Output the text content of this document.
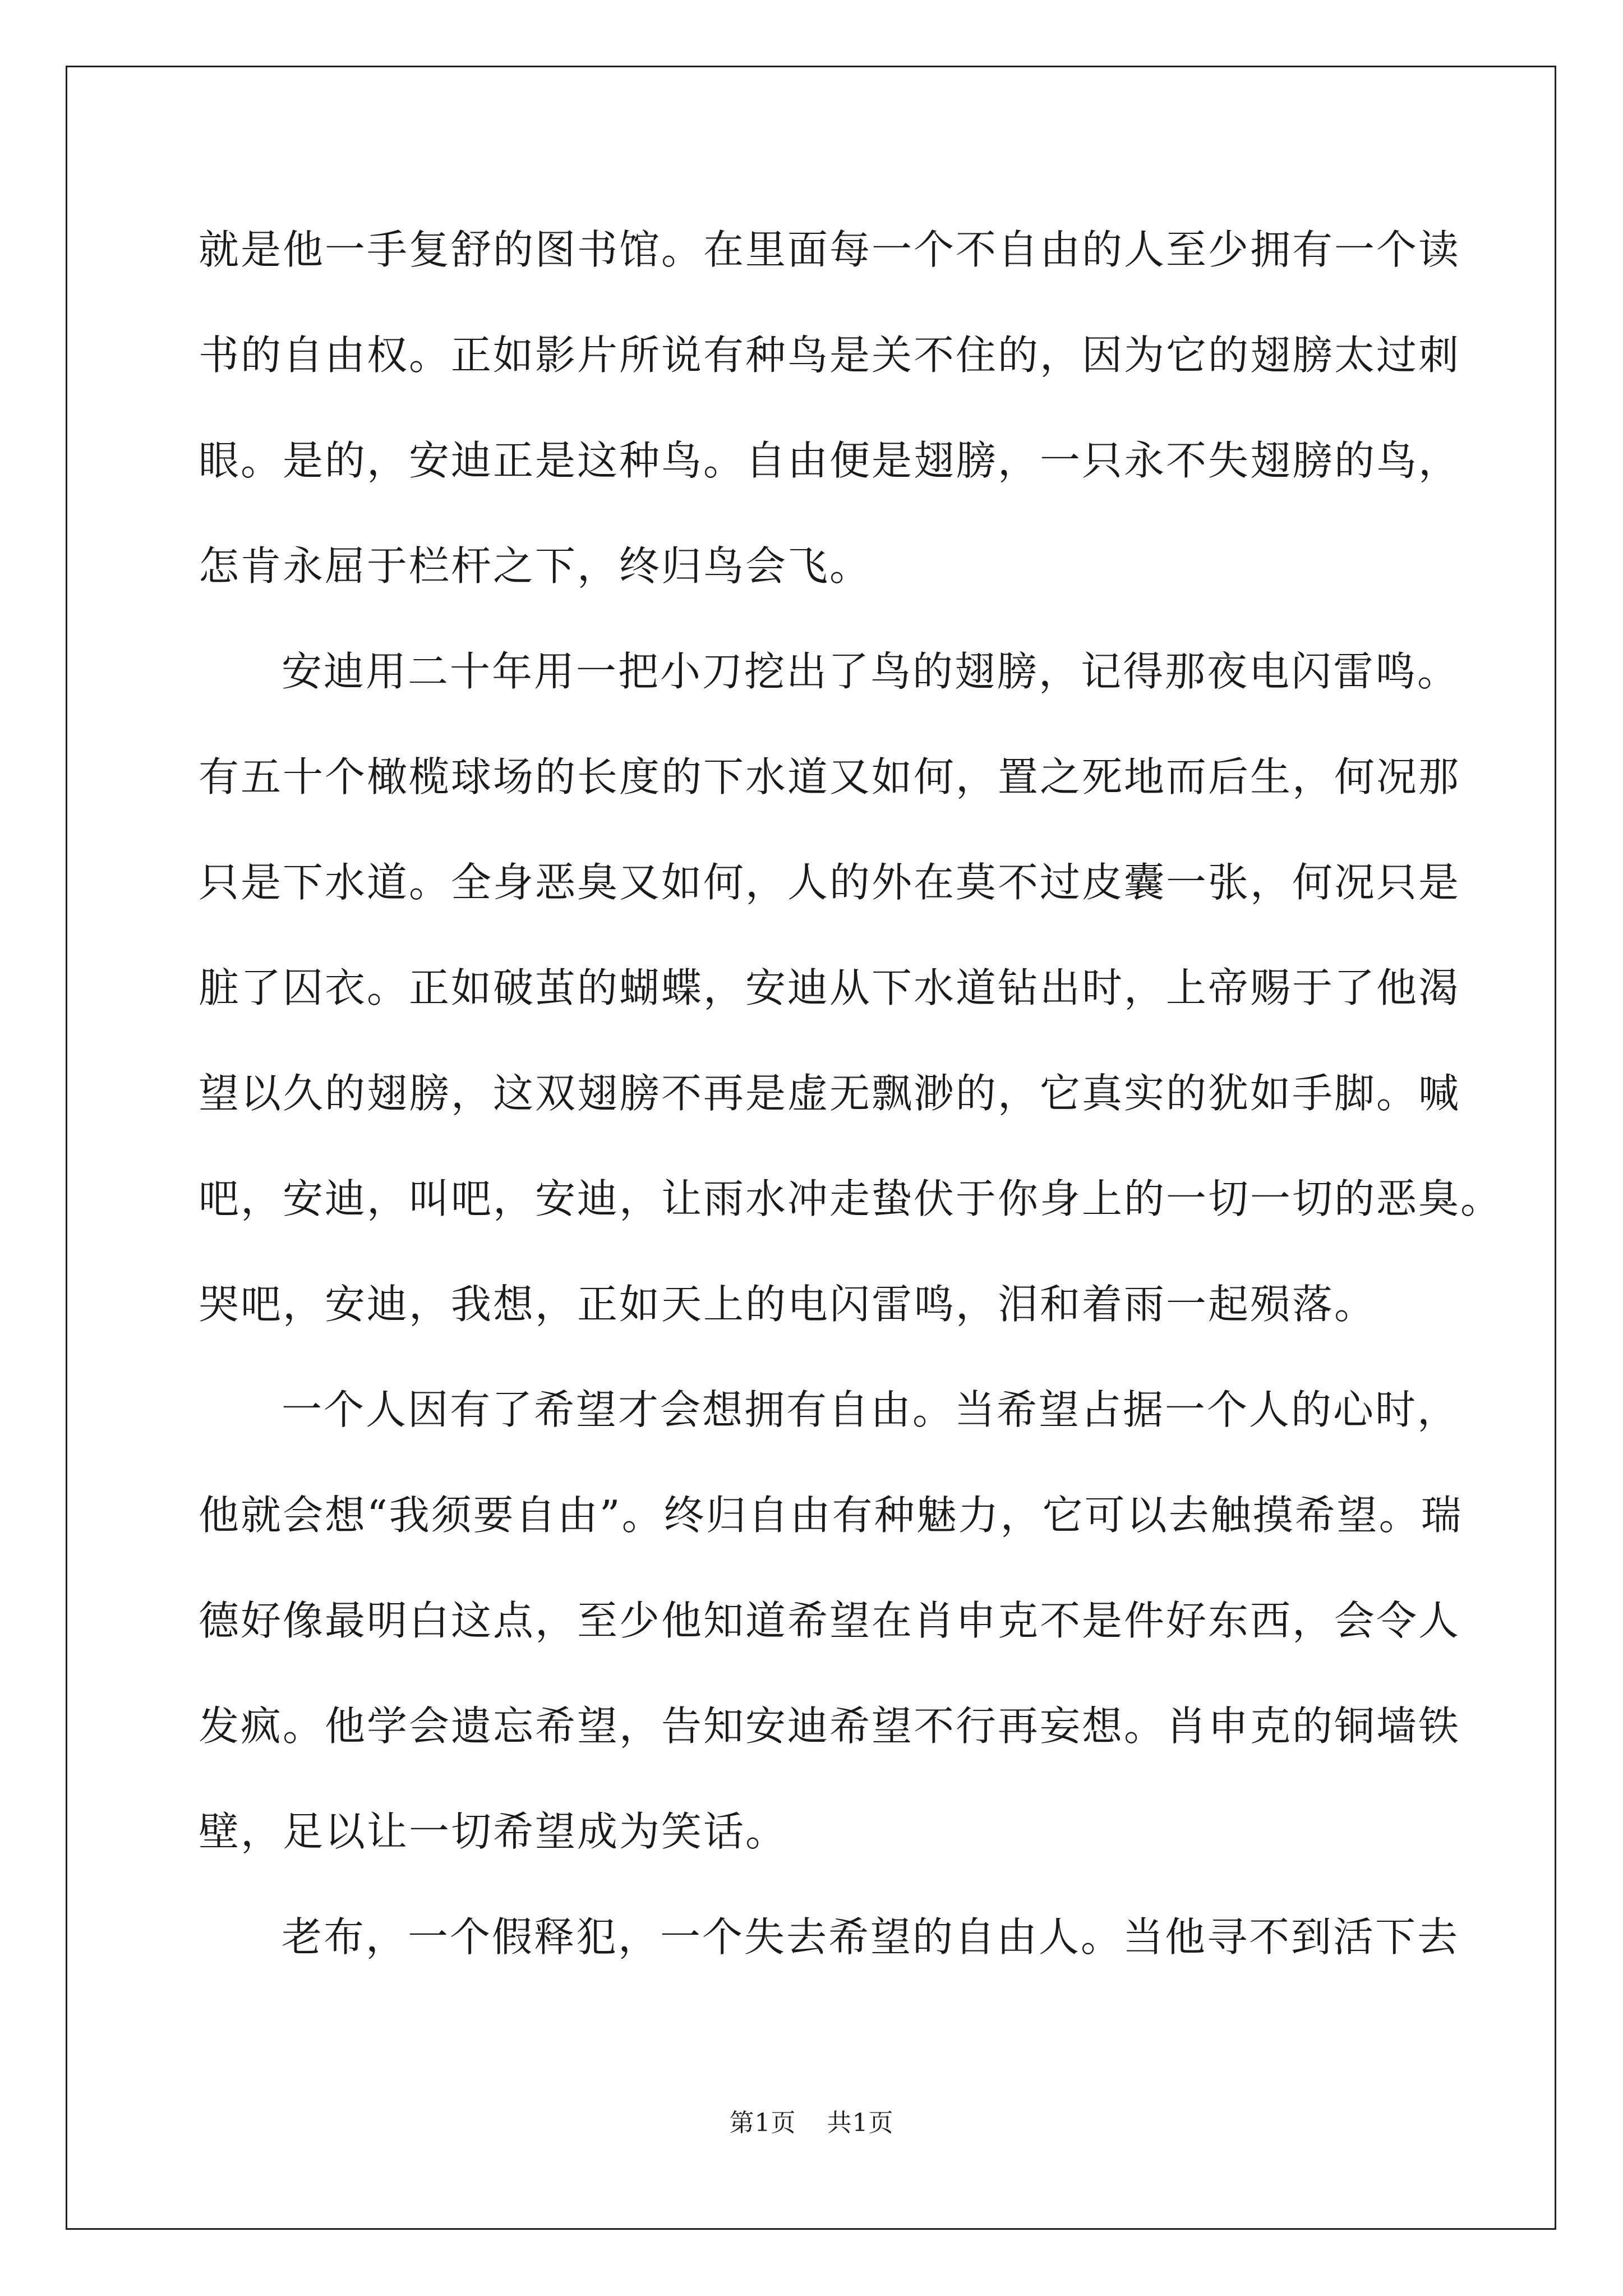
就是他一手复舒的图书馆。在里面每一个不自由的人至少拥有一个读
书的自由权。正如影片所说有种鸟是关不住的，因为它的翅膀太过刺
眼。是的，安迪正是这种鸟。自由便是翅膀，一只永不失翅膀的鸟，
怎肯永屈于栏杆之下，终归鸟会飞。
安迪用二十年用一把小刀挖出了鸟的翅膀，记得那夜电闪雷鸣。
有五十个橄榄球场的长度的下水道又如何，置之死地而后生，何况那
只是下水道。全身恶臭又如何，人的外在莫不过皮囊一张，何况只是
脏了囚衣。正如破茧的蝴蝶，安迪从下水道钻出时，上帝赐于了他渴
望以久的翅膀，这双翅膀不再是虚无飘渺的，它真实的犹如手脚。喊
吧，安迪，叫吧，安迪，让雨水冲走蛰伏于你身上的一切一切的恶臭。
哭吧，安迪，我想，正如天上的电闪雷鸣，泪和着雨一起殒落。
一个人因有了希望才会想拥有自由。当希望占据一个人的心时，
他就会想“我须要自由”。终归自由有种魅力，它可以去触摸希望。瑞
德好像最明白这点，至少他知道希望在肖申克不是件好东西，会令人
发疯。他学会遗忘希望，告知安迪希望不行再妄想。肖申克的铜墙铁
壁，足以让一切希望成为笑话。
老布，一个假释犯，一个失去希望的自由人。当他寻不到活下去
第1页 共1页
